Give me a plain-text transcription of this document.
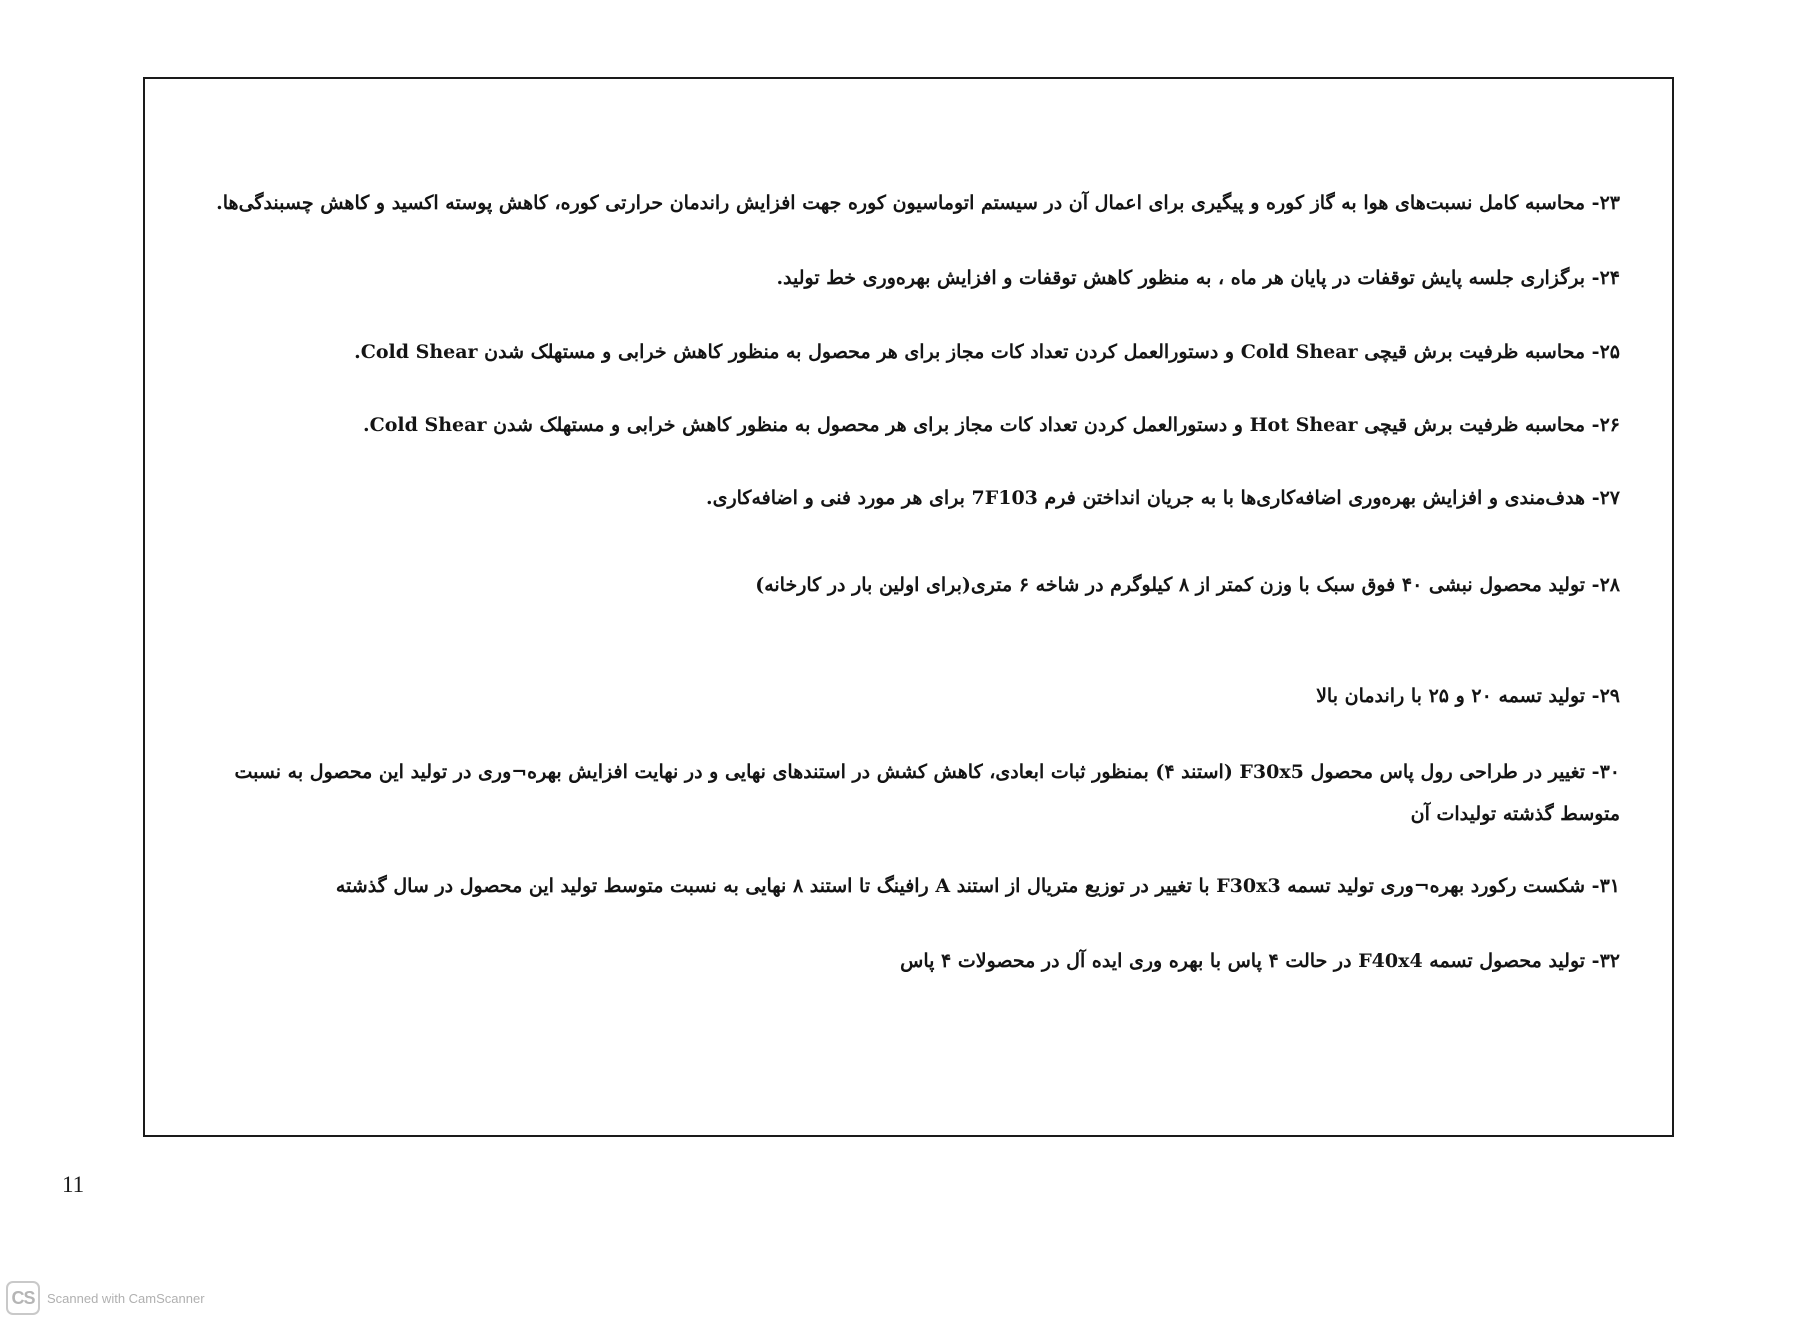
۲۳- محاسبه کامل نسبت‌های هوا به گاز کوره و پیگیری برای اعمال آن در سیستم اتوماسیون کوره جهت افزایش راندمان حرارتی کوره، کاهش پوسته اکسید و کاهش چسبندگی‌ها.
۲۴- برگزاری جلسه پایش توقفات در پایان هر ماه ، به منظور کاهش توقفات و افزایش بهره‌وری خط تولید.
۲۵- محاسبه ظرفیت برش قیچی Cold Shear و دستورالعمل کردن تعداد کات مجاز برای هر محصول به منظور کاهش خرابی و مستهلک شدن Cold Shear.
۲۶- محاسبه ظرفیت برش قیچی Hot Shear و دستورالعمل کردن تعداد کات مجاز برای هر محصول به منظور کاهش خرابی و مستهلک شدن Cold Shear.
۲۷- هدف‌مندی و افزایش بهره‌وری اضافه‌کاری‌ها با به جریان انداختن فرم 7F103 برای هر مورد فنی و اضافه‌کاری.
۲۸- تولید محصول نبشی ۴۰ فوق سبک با وزن کمتر از ۸ کیلوگرم در شاخه ۶ متری(برای اولین بار در کارخانه)
۲۹- تولید تسمه ۲۰ و ۲۵ با راندمان بالا
۳۰- تغییر در طراحی رول پاس محصول F30x5 (استند ۴) بمنظور ثبات ابعادی، کاهش کشش در استندهای نهایی و در نهایت افزایش بهره¬وری در تولید این محصول به نسبت متوسط گذشته تولیدات آن
۳۱- شکست رکورد بهره¬وری تولید تسمه F30x3 با تغییر در توزیع متریال از استند A رافینگ تا استند ۸ نهایی به نسبت متوسط تولید این محصول در سال گذشته
۳۲- تولید محصول تسمه F40x4 در حالت ۴ پاس با بهره وری ایده آل در محصولات ۴ پاس
11
CS Scanned with CamScanner
